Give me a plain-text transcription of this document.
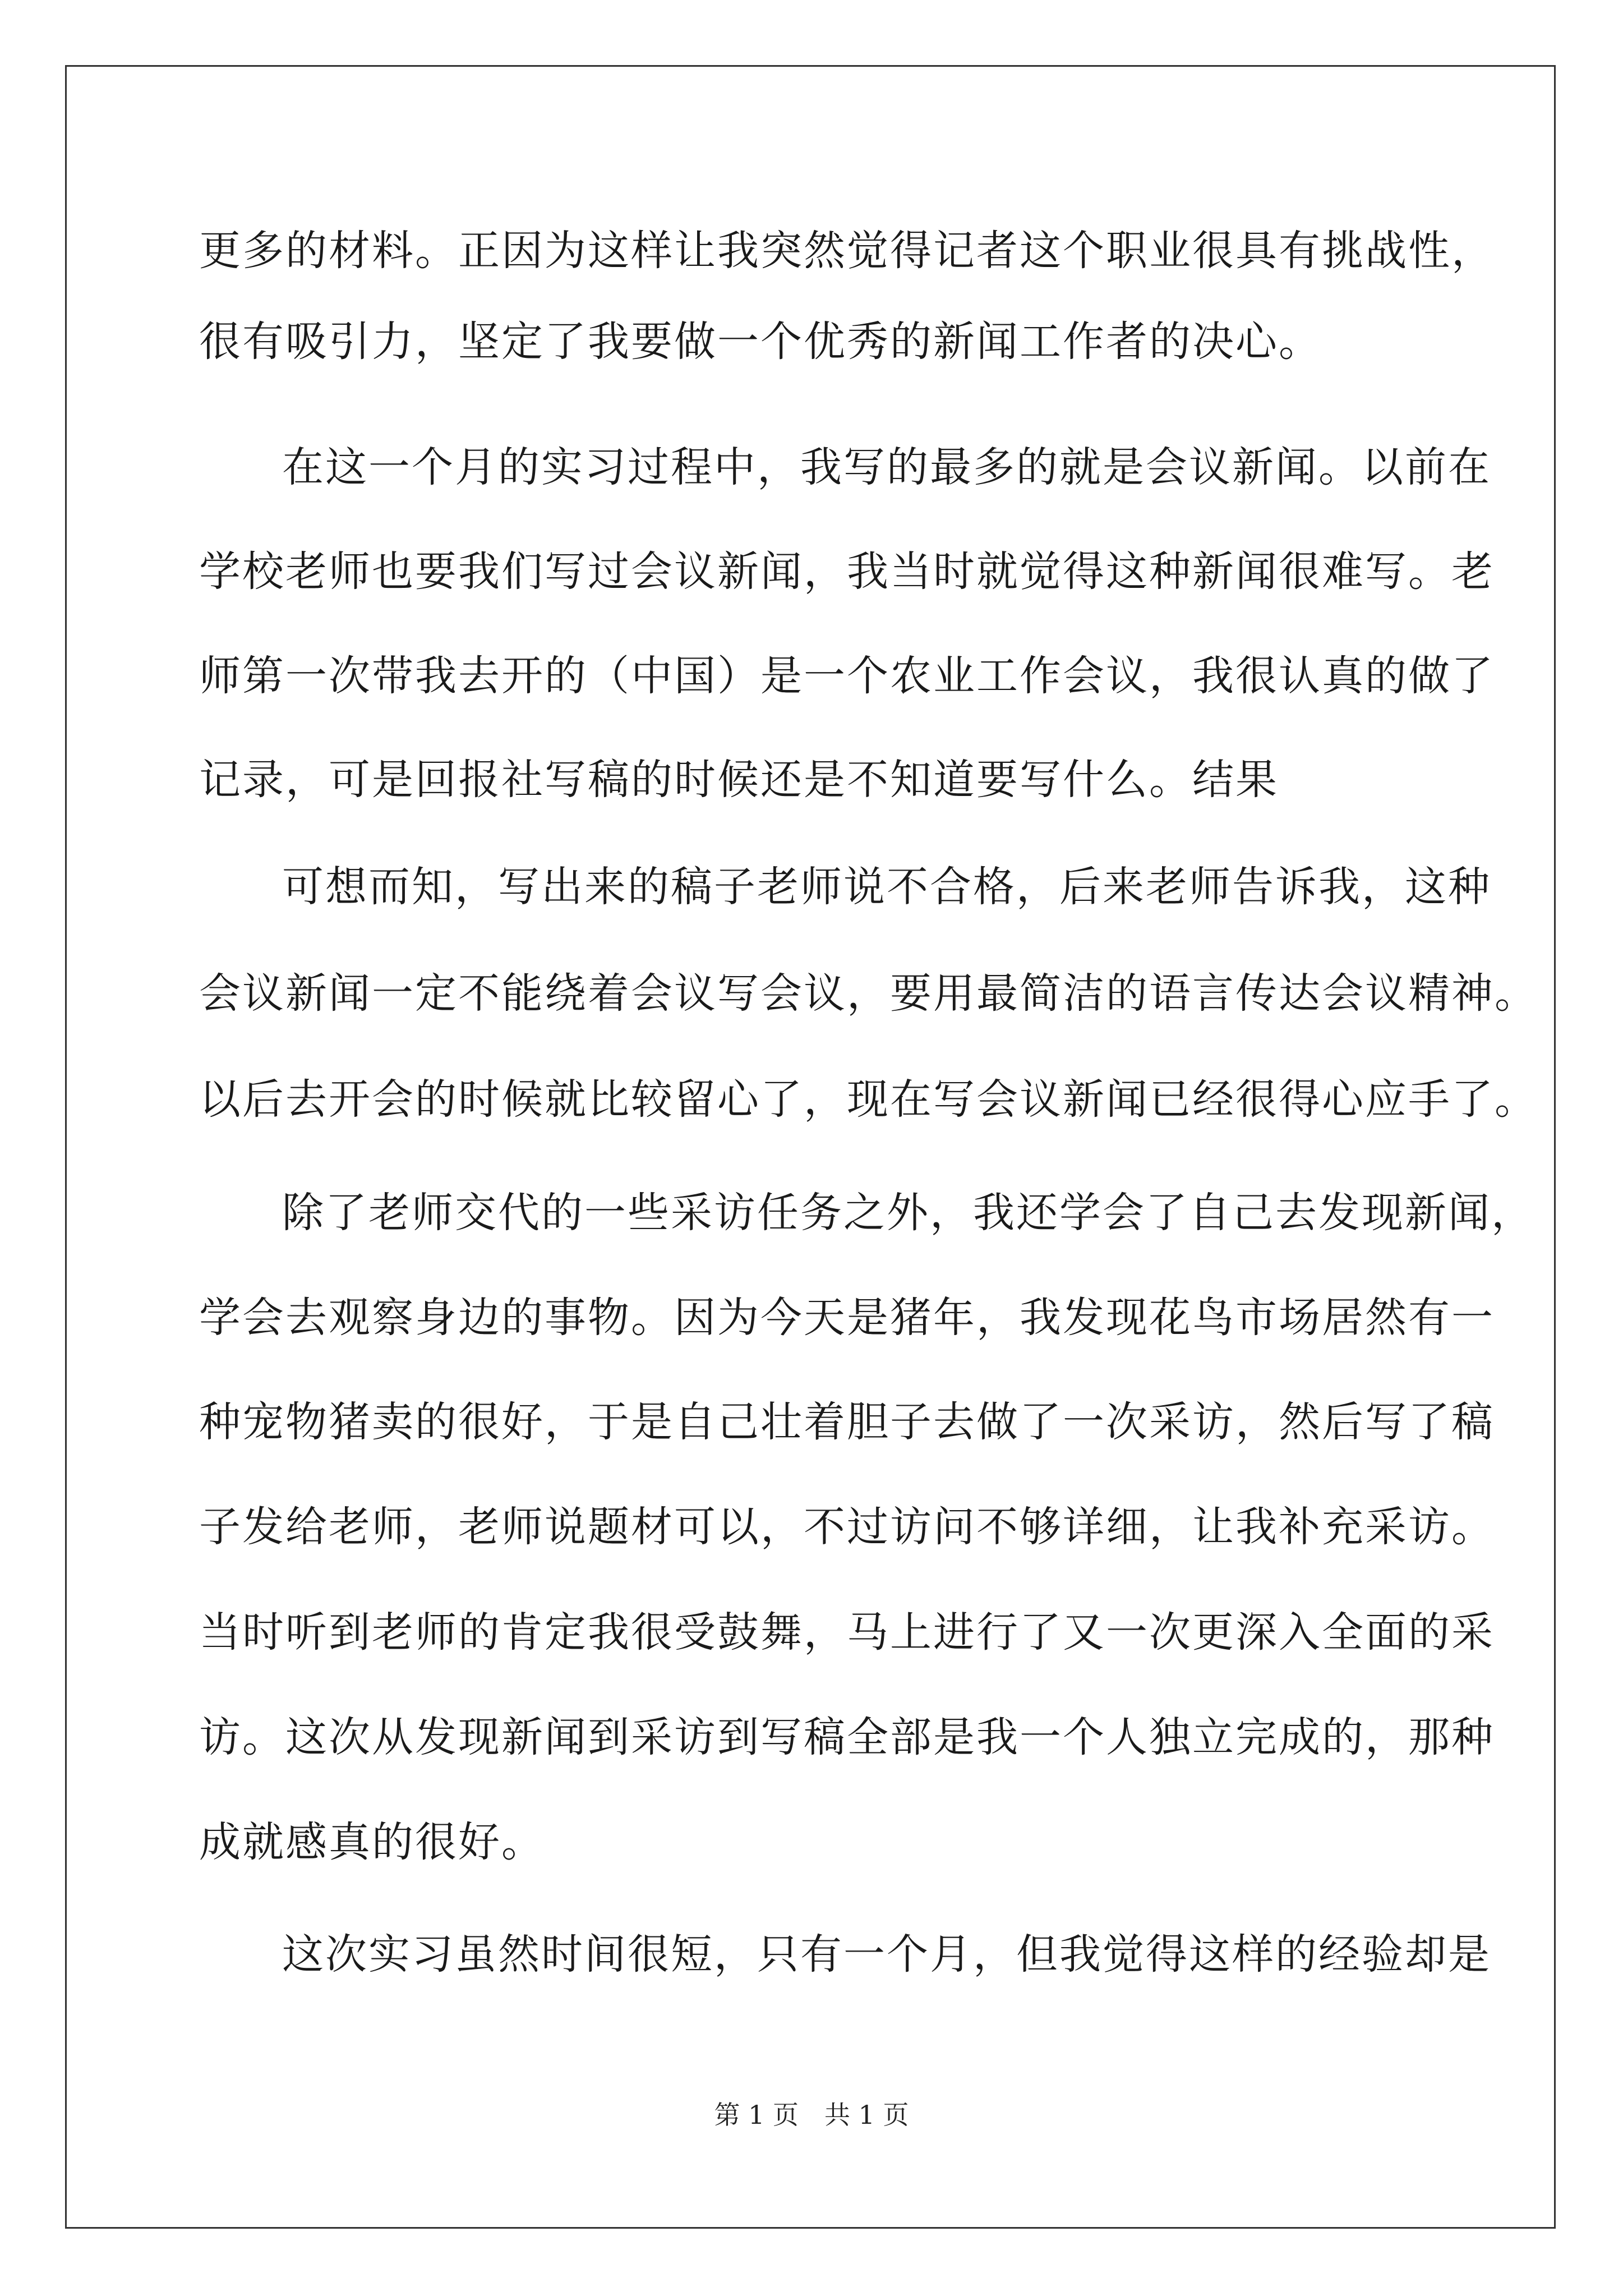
更多的材料。正因为这样让我突然觉得记者这个职业很具有挑战性，
很有吸引力，坚定了我要做一个优秀的新闻工作者的决心。
在这一个月的实习过程中，我写的最多的就是会议新闻。以前在
学校老师也要我们写过会议新闻，我当时就觉得这种新闻很难写。老
师第一次带我去开的（中国）是一个农业工作会议，我很认真的做了
记录，可是回报社写稿的时候还是不知道要写什么。结果
可想而知，写出来的稿子老师说不合格，后来老师告诉我，这种
会议新闻一定不能绕着会议写会议，要用最简洁的语言传达会议精神。
以后去开会的时候就比较留心了，现在写会议新闻已经很得心应手了。
除了老师交代的一些采访任务之外，我还学会了自己去发现新闻，
学会去观察身边的事物。因为今天是猪年，我发现花鸟市场居然有一
种宠物猪卖的很好，于是自己壮着胆子去做了一次采访，然后写了稿
子发给老师，老师说题材可以，不过访问不够详细，让我补充采访。
当时听到老师的肯定我很受鼓舞，马上进行了又一次更深入全面的采
访。这次从发现新闻到采访到写稿全部是我一个人独立完成的，那种
成就感真的很好。
这次实习虽然时间很短，只有一个月，但我觉得这样的经验却是
第 1 页　共 1 页
